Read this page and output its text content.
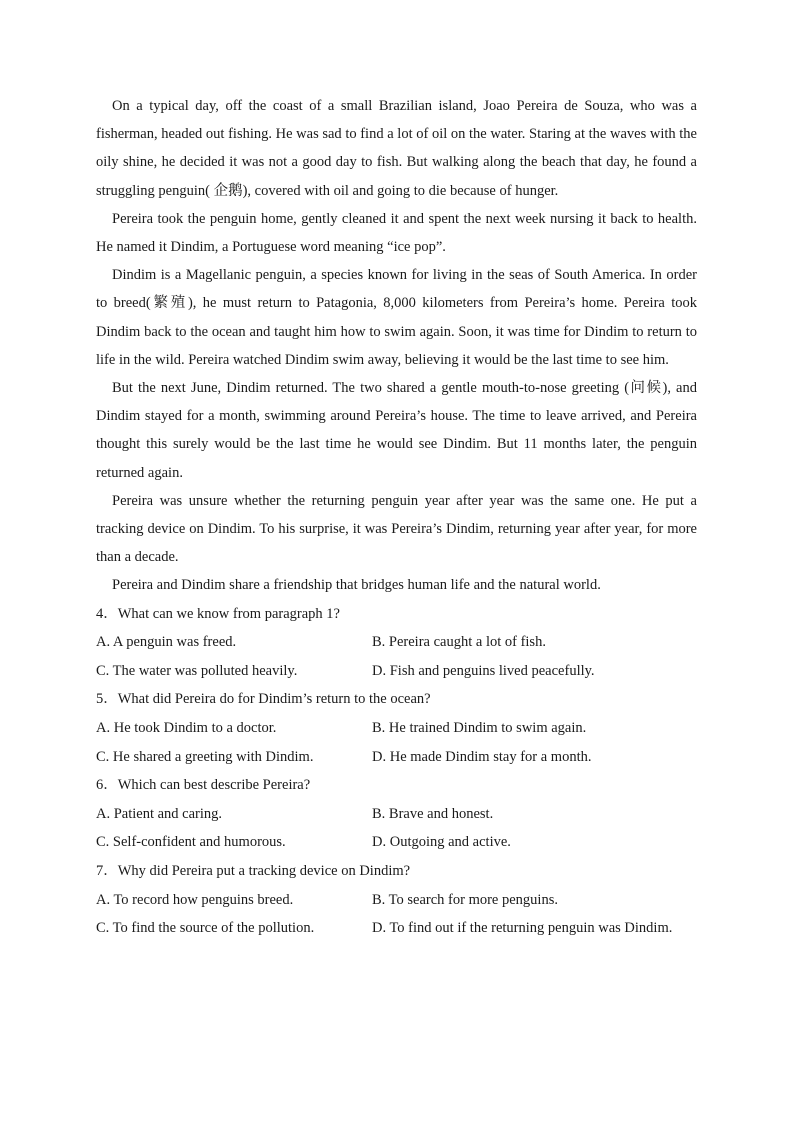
On a typical day, off the coast of a small Brazilian island, Joao Pereira de Souza, who was a fisherman, headed out fishing. He was sad to find a lot of oil on the water. Staring at the waves with the oily shine, he decided it was not a good day to fish. But walking along the beach that day, he found a struggling penguin( 企鹅), covered with oil and going to die because of hunger.

Pereira took the penguin home, gently cleaned it and spent the next week nursing it back to health. He named it Dindim, a Portuguese word meaning “ice pop”.

Dindim is a Magellanic penguin, a species known for living in the seas of South America. In order to breed(繁殖), he must return to Patagonia, 8,000 kilometers from Pereira’s home. Pereira took Dindim back to the ocean and taught him how to swim again. Soon, it was time for Dindim to return to life in the wild. Pereira watched Dindim swim away, believing it would be the last time to see him.

But the next June, Dindim returned. The two shared a gentle mouth-to-nose greeting (问候), and Dindim stayed for a month, swimming around Pereira’s house. The time to leave arrived, and Pereira thought this surely would be the last time he would see Dindim. But 11 months later, the penguin returned again.

Pereira was unsure whether the returning penguin year after year was the same one. He put a tracking device on Dindim. To his surprise, it was Pereira’s Dindim, returning year after year, for more than a decade.

Pereira and Dindim share a friendship that bridges human life and the natural world.

4．What can we know from paragraph 1?

A. A penguin was freed.	B. Pereira caught a lot of fish.
C. The water was polluted heavily.	D. Fish and penguins lived peacefully.

5．What did Pereira do for Dindim’s return to the ocean?

A. He took Dindim to a doctor.	B. He trained Dindim to swim again.
C. He shared a greeting with Dindim.	D. He made Dindim stay for a month.

6．Which can best describe Pereira?

A. Patient and caring.	B. Brave and honest.
C. Self-confident and humorous.	D. Outgoing and active.

7．Why did Pereira put a tracking device on Dindim?

A. To record how penguins breed.	B. To search for more penguins.

C. To find the source of the pollution.	D. To find out if the returning penguin was Dindim.
